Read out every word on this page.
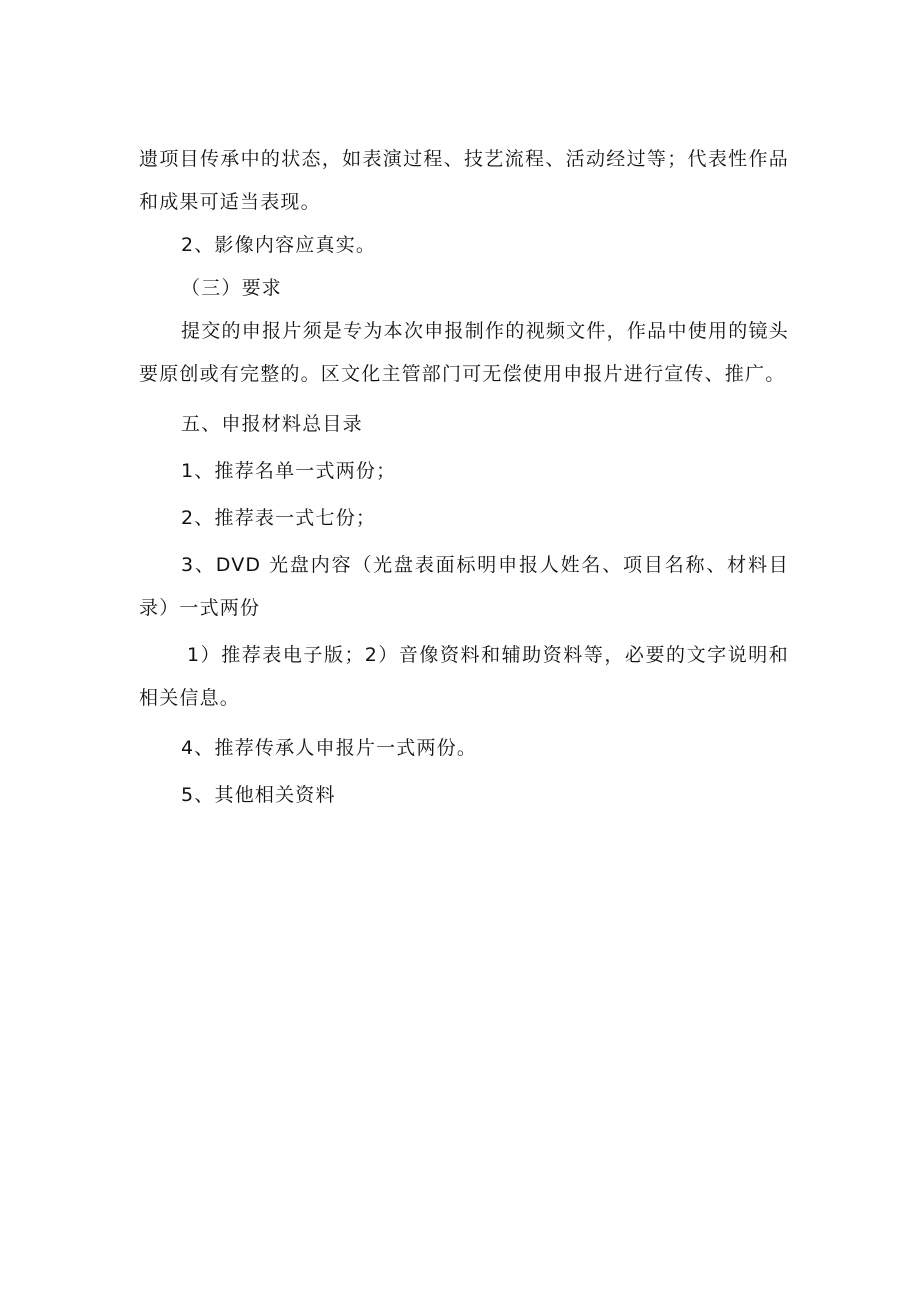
遗项目传承中的状态，如表演过程、技艺流程、活动经过等；代表性作品和成果可适当表现。

2、影像内容应真实。

（三）要求

提交的申报片须是专为本次申报制作的视频文件，作品中使用的镜头要原创或有完整的。区文化主管部门可无偿使用申报片进行宣传、推广。

五、申报材料总目录

1、推荐名单一式两份；

2、推荐表一式七份；

3、DVD 光盘内容（光盘表面标明申报人姓名、项目名称、材料目录）一式两份

1）推荐表电子版；2）音像资料和辅助资料等，必要的文字说明和相关信息。

4、推荐传承人申报片一式两份。

5、其他相关资料
